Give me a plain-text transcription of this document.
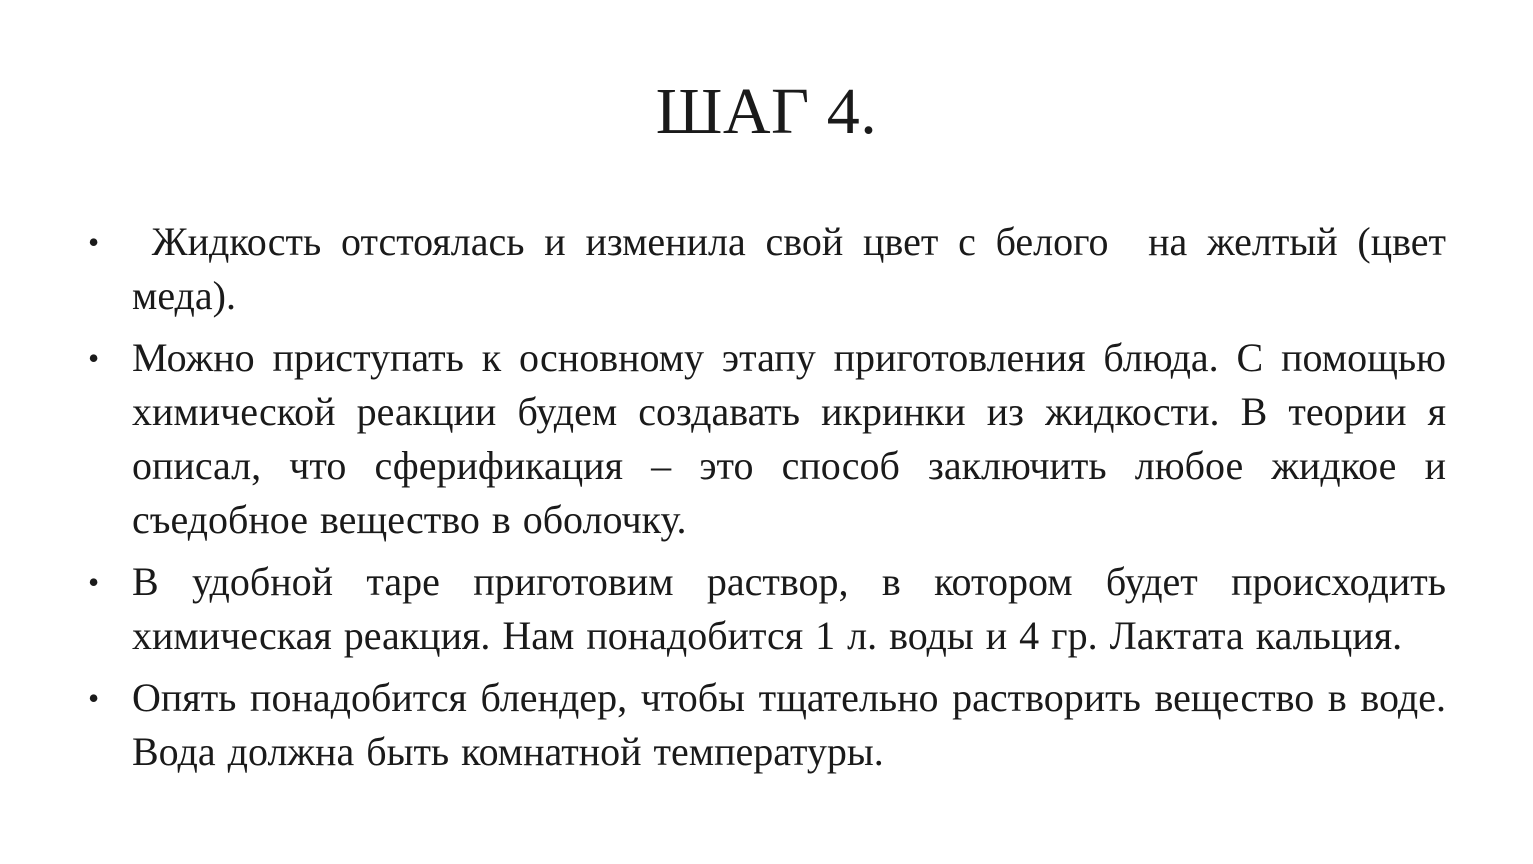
ШАГ 4.
• Жидкость отстоялась и изменила свой цвет с белого  на желтый (цвет меда).
• Можно приступать к основному этапу приготовления блюда. С помощью химической реакции будем создавать икринки из жидкости. В теории я описал, что сферификация – это способ заключить любое жидкое и съедобное вещество в оболочку.
• В удобной таре приготовим раствор, в котором будет происходить химическая реакция. Нам понадобится 1 л. воды и 4 гр. Лактата кальция.
• Опять понадобится блендер, чтобы тщательно растворить вещество в воде. Вода должна быть комнатной температуры.
